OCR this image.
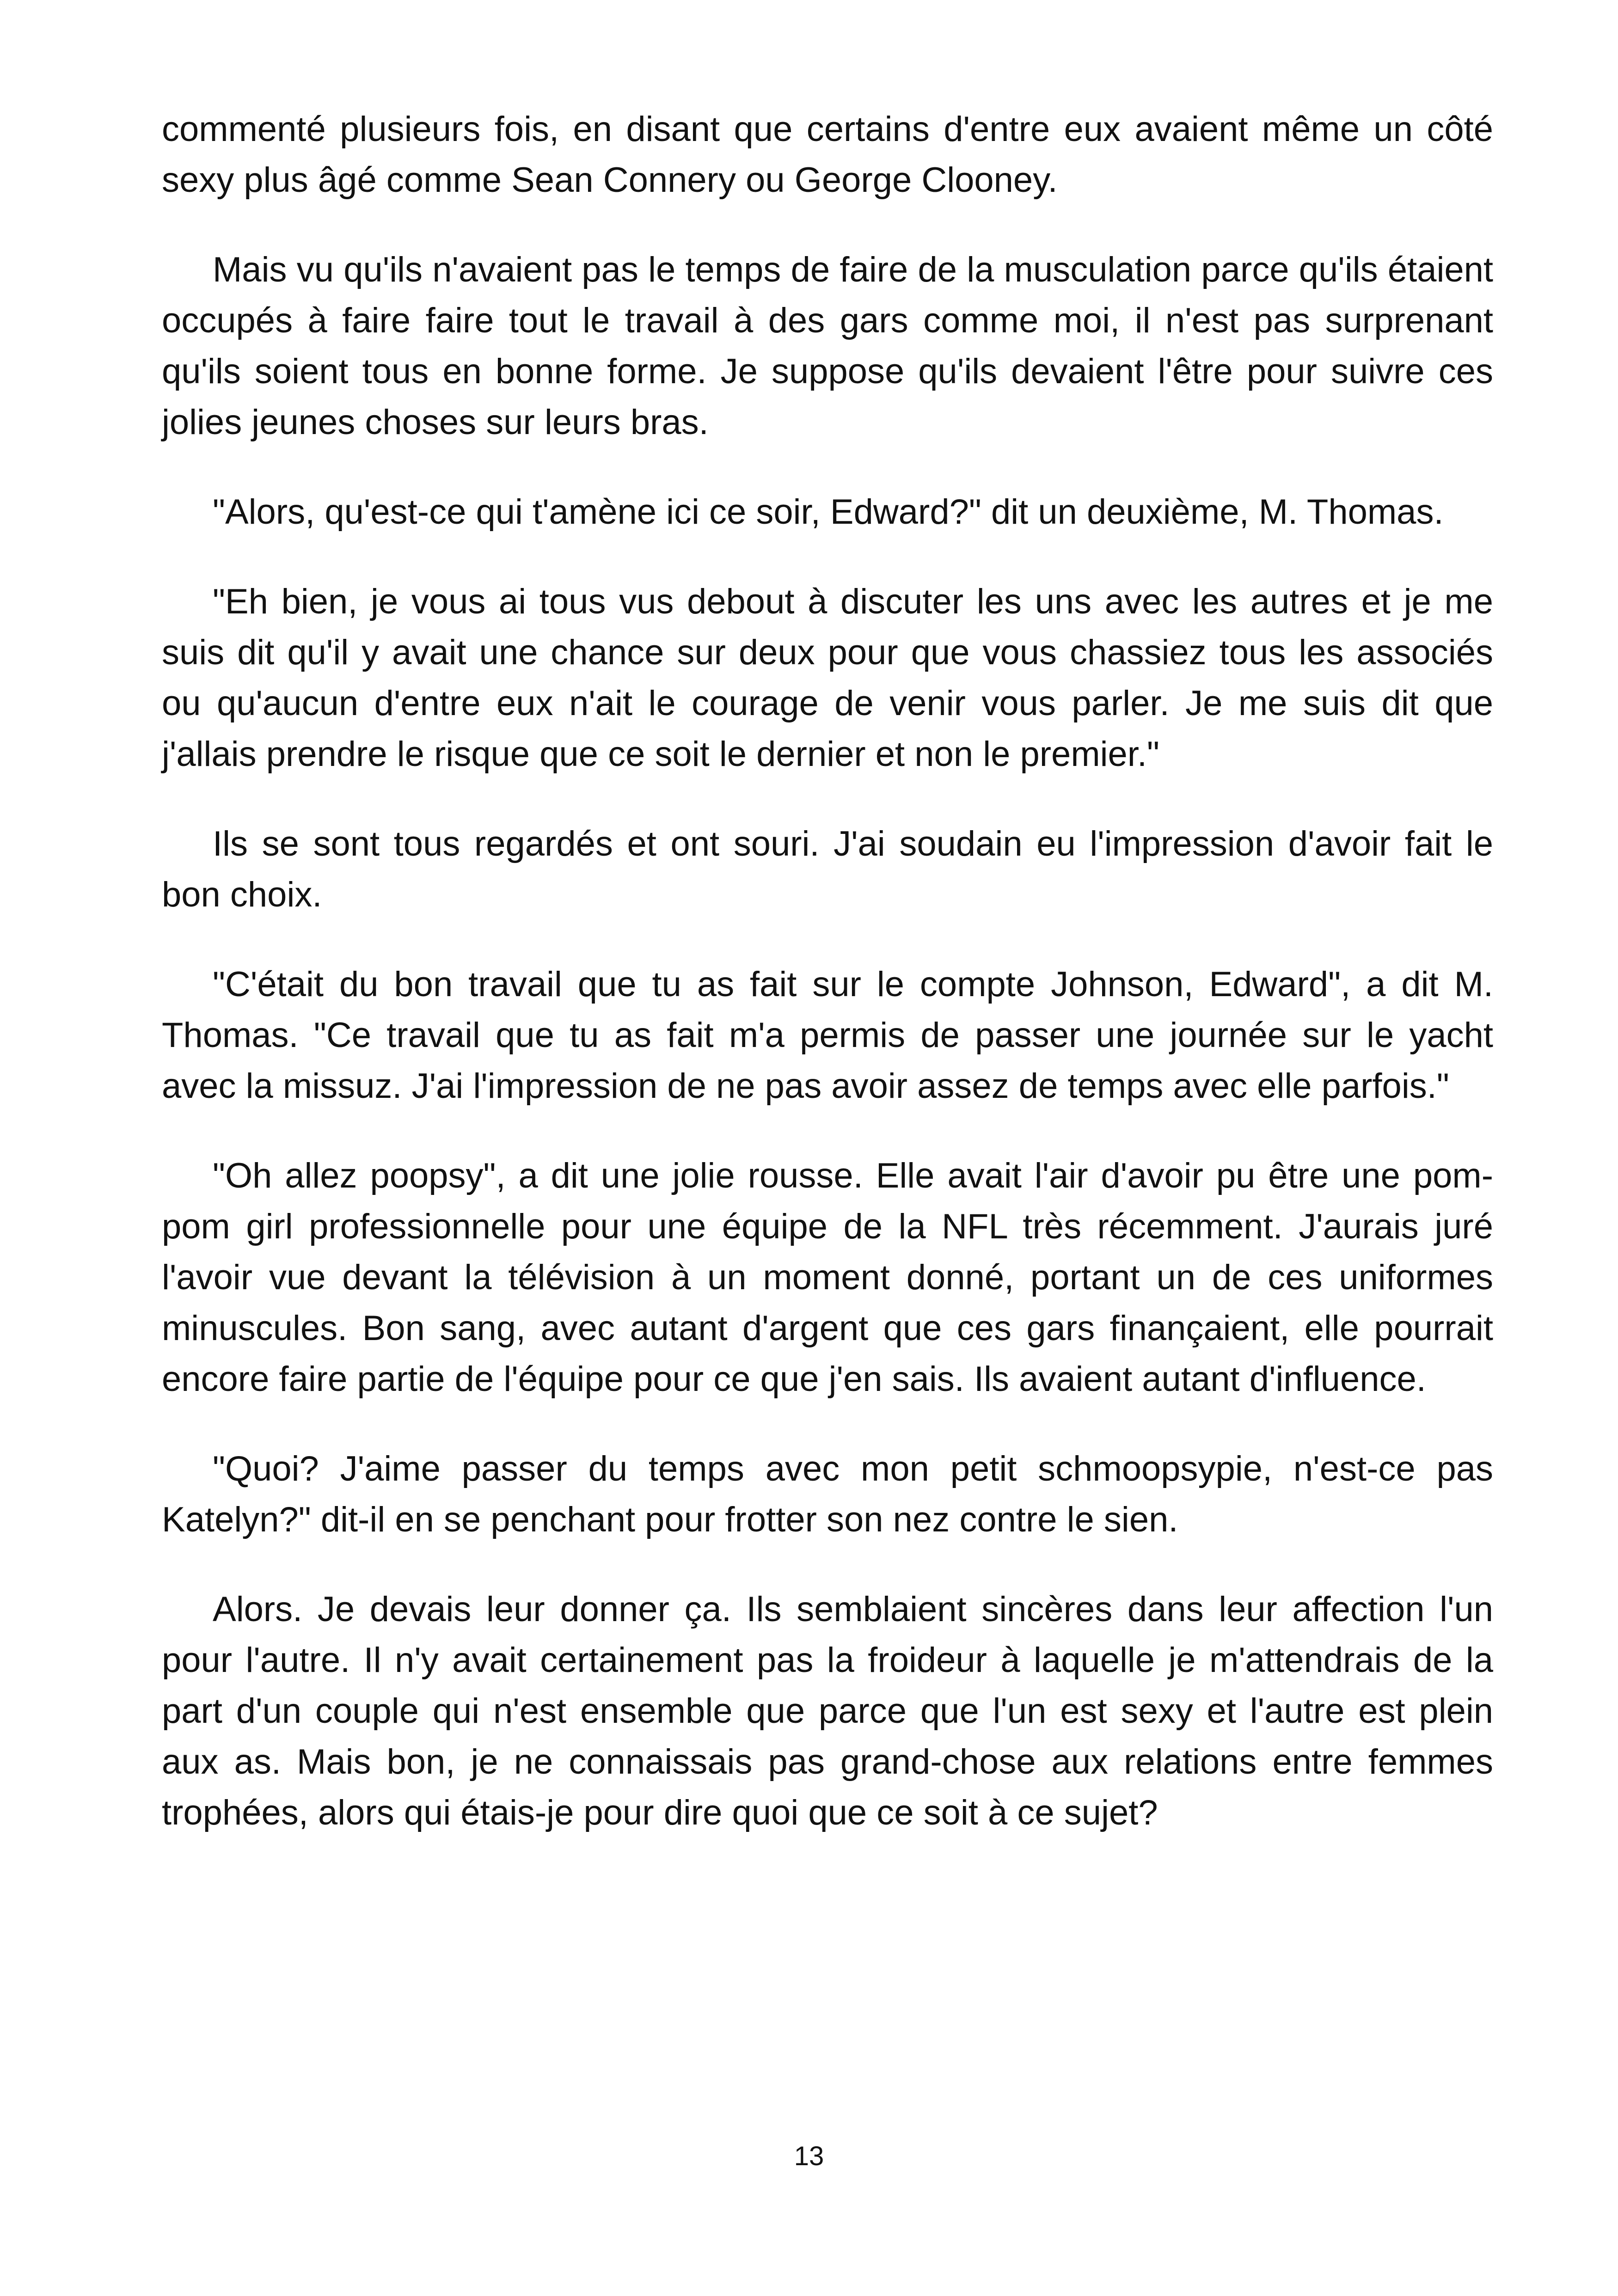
commenté plusieurs fois, en disant que certains d'entre eux avaient même un côté sexy plus âgé comme Sean Connery ou George Clooney.

Mais vu qu'ils n'avaient pas le temps de faire de la musculation parce qu'ils étaient occupés à faire faire tout le travail à des gars comme moi, il n'est pas surprenant qu'ils soient tous en bonne forme. Je suppose qu'ils devaient l'être pour suivre ces jolies jeunes choses sur leurs bras.

"Alors, qu'est-ce qui t'amène ici ce soir, Edward?" dit un deuxième, M. Thomas.

"Eh bien, je vous ai tous vus debout à discuter les uns avec les autres et je me suis dit qu'il y avait une chance sur deux pour que vous chassiez tous les associés ou qu'aucun d'entre eux n'ait le courage de venir vous parler. Je me suis dit que j'allais prendre le risque que ce soit le dernier et non le premier."

Ils se sont tous regardés et ont souri. J'ai soudain eu l'impression d'avoir fait le bon choix.

"C'était du bon travail que tu as fait sur le compte Johnson, Edward", a dit M. Thomas. "Ce travail que tu as fait m'a permis de passer une journée sur le yacht avec la missuz. J'ai l'impression de ne pas avoir assez de temps avec elle parfois."

"Oh allez poopsy", a dit une jolie rousse. Elle avait l'air d'avoir pu être une pom-pom girl professionnelle pour une équipe de la NFL très récemment. J'aurais juré l'avoir vue devant la télévision à un moment donné, portant un de ces uniformes minuscules. Bon sang, avec autant d'argent que ces gars finançaient, elle pourrait encore faire partie de l'équipe pour ce que j'en sais. Ils avaient autant d'influence.

"Quoi? J'aime passer du temps avec mon petit schmoopsypie, n'est-ce pas Katelyn?" dit-il en se penchant pour frotter son nez contre le sien.

Alors. Je devais leur donner ça. Ils semblaient sincères dans leur affection l'un pour l'autre. Il n'y avait certainement pas la froideur à laquelle je m'attendrais de la part d'un couple qui n'est ensemble que parce que l'un est sexy et l'autre est plein aux as. Mais bon, je ne connaissais pas grand-chose aux relations entre femmes trophées, alors qui étais-je pour dire quoi que ce soit à ce sujet?

13
